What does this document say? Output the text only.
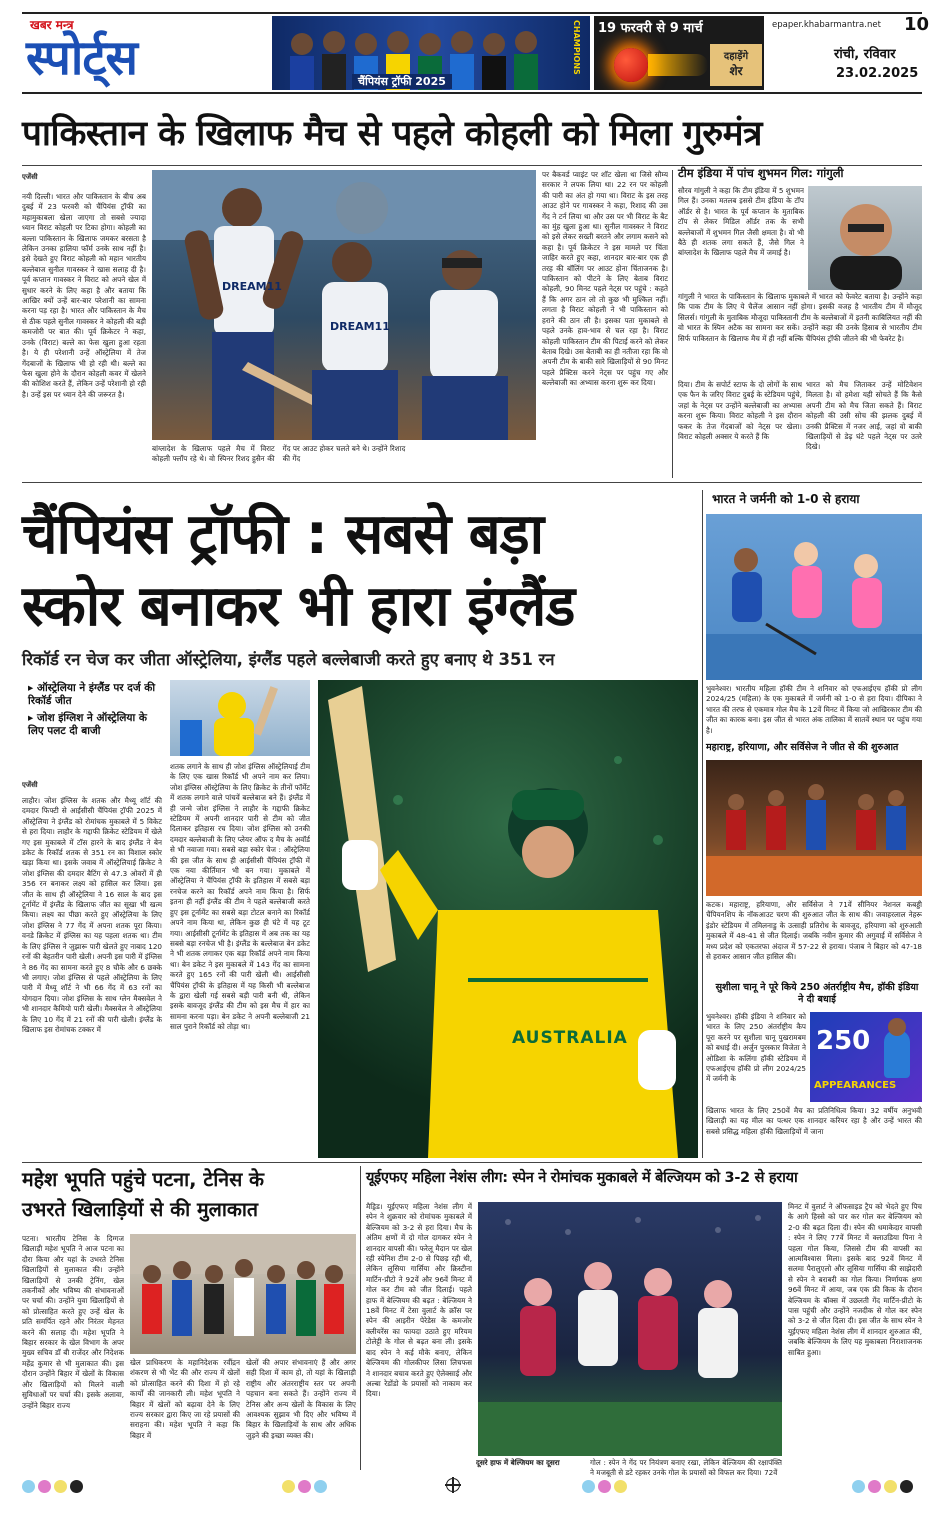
खबर मन्त्र
स्पोर्ट्स	चैंपियंस ट्रॉफी 2025
CHAMPIONS 19 फरवरी से 9 मार्च
दहाड़ेंगे
शेर
epaper.khabarmantra.net 10
रांची, रविवार
23.02.2025
पाकिस्तान के खिलाफ मैच से पहले कोहली को मिला गुरुमंत्र
एजेंसी
नयी दिल्ली। भारत और पाकिस्तान के बीच अब दुबई में 23 फरवरी को चैंपियंस ट्रॉफी का महामुकाबला खेला जाएगा तो सबसे ज्यादा ध्यान विराट कोहली पर टिका होगा। कोहली का बल्ला पाकिस्तान के खिलाफ जमकर बरसता है लेकिन उनका हालिया फॉर्म उनके साथ नहीं है। इसे देखते हुए विराट कोहली को महान भारतीय बल्लेबाज सुनील गावस्कर ने खास सलाह दी है। पूर्व कप्तान गावस्कर ने विराट को अपने खेल में सुधार करने के लिए कहा है और बताया कि आखिर क्यों उन्हें बार-बार परेशानी का सामना करना पड़ रहा है। भारत और पाकिस्तान के मैच से ठीक पहले सुनील गावस्कर ने कोहली की बड़ी कमजोरी पर बात की। पूर्व क्रिकेटर ने कहा, उनके (विराट) बल्ले का फेस खुला हुआ रहता है। ये ही परेशानी उन्हें ऑस्ट्रेलिया में तेज गेंदबाजों के खिलाफ भी हो रही थी। बल्ले का फेस खुला होने के दौरान कोहली कवर में खेलने की कोशिश करते हैं, लेकिन उन्हें परेशानी हो रही है। उन्हें इस पर ध्यान देने की जरूरत है।
DREAM11
DREAM11
बांग्लादेश के खिलाफ पहले मैच में विराट कोहली फ्लॉप रहे थे। वो स्पिनर रिशद हुसैन की गेंद पर आउट होकर चलते बने थे। उन्होंने रिशाद की गेंद
पर बैकवर्ड प्वाइंट पर शॉट खेला था जिसे सौम्य सरकार ने लपक लिया था। 22 रन पर कोहली की पारी का अंत हो गया था। विराट के इस तरह आउट होने पर गावस्कर ने कहा, रिशाद की उस गेंद ने टर्न लिया था और उस पर भी विराट के बैट का मुंह खुला हुआ था। सुनील गावस्कर ने विराट को इसे लेकर सख्ती बरतने और लगाम कसने को कहा है। पूर्व क्रिकेटर ने इस मामले पर चिंता जाहिर करते हुए कहा, शानदार बार-बार एक ही तरह की बॉलिंग पर आउट होना चिंताजनक है। पाकिस्तान को पीटने के लिए बेताब विराट कोहली, 90 मिनट पहले नेट्स पर पहुंचे : कहते हैं कि अगर ठान लो तो कुछ भी मुश्किल नहीं। लगता है विराट कोहली ने भी पाकिस्तान को हराने की ठान ली है। इसका पता मुकाबले से पहले उनके हाव-भाव से चल रहा है। विराट कोहली पाकिस्तान टीम की पिटाई करने को लेकर बेताब दिखे। उस बेताबी का ही नतीजा रहा कि वो अपनी टीम के बाकी सारे खिलाड़ियों से 90 मिनट पहले प्रैक्टिस करने नेट्स पर पहुंच गए और बल्लेबाजी का अभ्यास करना शुरू कर दिया।
टीम इंडिया में पांच शुभमन गिल: गांगुली
सौरव गांगुली ने कहा कि टीम इंडिया में 5 शुभमन गिल हैं। उनका मतलब इससे टीम इंडिया के टॉप ऑर्डर से है। भारत के पूर्व कप्तान के मुताबिक टॉप से लेकर मिडिल ऑर्डर तक के सभी बल्लेबाजों में शुभमन गिल जैसी क्षमता है। वो भी बैठे ही शतक लगा सकते हैं, जैसे गिल ने बांग्लादेश के खिलाफ पहले मैच में जमाई है।
गांगुली ने भारत के पाकिस्तान के खिलाफ मुकाबले में भारत को फेवरेट बताया है। उन्होंने कहा कि पाक टीम के लिए ये चैलेंज आसान नहीं होगा। इसकी वजह है भारतीय टीम में मौजूद सिलर्स। गांगुली के मुताबिक मौजूदा पाकिस्तानी टीम के बल्लेबाजों में इतनी काबिलियत नहीं की वो भारत के स्पिन अटैक का सामना कर सकें। उन्होंने कहा की उनके हिसाब से भारतीय टीम सिर्फ पाकिस्तान के खिलाफ मैच में ही नहीं बल्कि चैंपियंस ट्रॉफी जीतने की भी फेवरेट है।
दिया। टीम के सपोर्ट स्टाफ के दो लोगों के साथ एक फैन के जरिए विराट दुबई के स्टेडियम पहुंचे, जहां के नेट्स पर उन्होंने बल्लेबाजी का अभ्यास करना शुरू किया। विराट कोहली ने इस दौरान फकर के तेज गेंदबाजों को नेट्स पर खेला। विराट कोहली अक्सर ये करते हैं कि
भारत को मैच जिताकर उन्हें मोटिवेशन मिलता है। वो हमेशा यही सोचते हैं कि कैसे अपनी टीम को मैच जिता सकते हैं। विराट कोहली की उसी सोच की झलक दुबई में उनकी प्रैक्टिस में नजर आई, जहां वो बाकी खिलाड़ियों से डेढ़ घंटे पहले नेट्स पर उतरे दिखे।
चैंपियंस ट्रॉफी : सबसे बड़ा
स्कोर बनाकर भी हारा इंग्लैंड
रिकॉर्ड रन चेज कर जीता ऑस्ट्रेलिया, इंग्लैंड पहले बल्लेबाजी करते हुए बनाए थे 351 रन
▸ ऑस्ट्रेलिया ने इंग्लैंड पर दर्ज की रिकॉर्ड जीत
▸ जोश इंग्लिश ने ऑस्ट्रेलिया के लिए पलट दी बाजी
एजेंसी
लाहौर। जोश इंग्लिस के शतक और मैथ्यू शॉर्ट की दमदार फिफ्टी से आईसीसी चैंपियंस ट्रॉफी 2025 में ऑस्ट्रेलिया ने इंग्लैंड को रोमांचक मुकाबले में 5 विकेट से हरा दिया। लाहौर के गद्दाफी क्रिकेट स्टेडियम में खेले गए इस मुकाबले में टॉस हारने के बाद इंग्लैंड ने बेन डकेट के रिकॉर्ड शतक से 351 रन का विशाल स्कोर खड़ा किया था। इसके जवाब में ऑस्ट्रेलियाई क्रिकेट ने जोश इंग्लिस की दमदार बैटिंग से 47.3 ओवरों में ही 356 रन बनाकर लक्ष्य को हासिल कर लिया। इस जीत के साथ ही ऑस्ट्रेलिया ने 16 साल के बाद इस टूर्नामेंट में इंग्लैंड के खिलाफ जीत का सूखा भी खत्म किया। लक्ष्य का पीछा करते हुए ऑस्ट्रेलिया के लिए जोश इंग्लिस ने 77 गेंद में अपना शतक पूरा किया। वनडे क्रिकेट में इंग्लिस का यह पहला शतक था। टीम के लिए इंग्लिस ने जुझारू पारी खेलते हुए नाबाद 120 रनों की बेहतरीन पारी खेली। अपनी इस पारी में इंग्लिस ने 86 गेंद का सामना करते हुए 8 चौके और 6 छक्के भी लगाए। जोश इंग्लिस से पहले ऑस्ट्रेलिया के लिए पारी में मैथ्यू शॉर्ट ने भी 66 गेंद में 63 रनों का योगदान दिया। जोश इंग्लिस के साथ ग्लेन मैक्सवेल ने भी शानदार कैमियो पारी खेली। मैक्सवेल ने ऑस्ट्रेलिया के लिए 10 गेंद में 21 रनों की पारी खेली। इंग्लैंड के खिलाफ इस रोमांचक टक्कर में
शतक लगाने के साथ ही जोश इंग्लिस ऑस्ट्रेलियाई टीम के लिए एक खास रिकॉर्ड भी अपने नाम कर लिया। जोश इंग्लिस ऑस्ट्रेलिया के लिए क्रिकेट के तीनों फॉर्मेट में शतक लगाने वाले पांचवें बल्लेबाज बने हैं। इंग्लैंड में ही जन्मे जोश इंग्लिस ने लाहौर के गद्दाफी क्रिकेट स्टेडियम में अपनी शानदार पारी से टीम को जीत दिलाकर इतिहास रच दिया। जोश इंग्लिस को उनकी दमदार बल्लेबाजी के लिए प्लेयर ऑफ द मैच के अवॉर्ड से भी नवाजा गया। सबसे बड़ा स्कोर चेज : ऑस्ट्रेलिया की इस जीत के साथ ही आईसीसी चैंपियंस ट्रॉफी में एक नया कीर्तिमान भी बन गया। मुकाबले में ऑस्ट्रेलिया ने चैंपियंस ट्रॉफी के इतिहास में सबसे बड़ा रनचेज करने का रिकॉर्ड अपने नाम किया है। सिर्फ इतना ही नहीं इंग्लैंड की टीम ने पहले बल्लेबाजी करते हुए इस टूर्नामेंट का सबसे बड़ा टोटल बनाने का रिकॉर्ड अपने नाम किया था, लेकिन कुछ ही घंटे में यह टूट गया। आईसीसी टूर्नामेंट के इतिहास में अब तक का यह सबसे बड़ा रनचेज भी है। इंग्लैंड के बल्लेबाज बेन डकेट ने भी शतक लगाकर एक बड़ा रिकॉर्ड अपने नाम किया था। बेन डकेट ने इस मुकाबले में 143 गेंद का सामना करते हुए 165 रनों की पारी खेली थी। आईसीसी चैंपियंस ट्रॉफी के इतिहास में यह किसी भी बल्लेबाज के द्वारा खेली गई सबसे बड़ी पारी बनी थी, लेकिन इसके बावजूद इंग्लैंड की टीम को इस मैच में हार का सामना करना पड़ा। बेन डकेट ने अपनी बल्लेबाजी 21 साल पुराने रिकॉर्ड को तोड़ा था।
AUSTRALIA
भारत ने जर्मनी को 1-0 से हराया
भुवनेश्वर। भारतीय महिला हॉकी टीम ने शनिवार को एफआईएच हॉकी प्रो लीग 2024/25 (महिला) के एक मुकाबले में जर्मनी को 1-0 से हरा दिया। दीपिका ने भारत की तरफ से एकमात्र गोल मैच के 12वें मिनट में किया जो आखिरकार टीम की जीत का कारक बना। इस जीत से भारत अंक तालिका में सातवें स्थान पर पहुंच गया है।
महाराष्ट्र, हरियाणा, और सर्विसेज ने जीत से की शुरुआत
कटक। महाराष्ट्र, हरियाणा, और सर्विसेज ने 71वें सीनियर नेशनल कबड्डी चैंपियनशिप के नॉकआउट चरण की शुरुआत जीत के साथ की। जवाहरलाल नेहरू इंडोर स्टेडियम में तमिलनाडु के उत्साही प्रतिरोध के बावजूद, हरियाणा को शुरुआती मुकाबले में 48-41 से जीत दिलाई। जबकि नवीन कुमार की अगुवाई में सर्विसेज ने मध्य प्रदेश को एकतरफा अंदाज में 57-22 से हराया। पंजाब ने बिहार को 47-18 से हराकर आसान जीत हासिल की।
सुशीला चानू ने पूरे किये 250 अंतर्राष्ट्रीय मैच, हॉकी इंडिया ने दी बधाई
भुवनेश्वर। हॉकी इंडिया ने शनिवार को भारत के लिए 250 अंतर्राष्ट्रीय कैप पूरा करने पर सुशीला चानू पुखरामबम को बधाई दी। अर्जुन पुरस्कार विजेता ने ओडिशा के कलिंगा हॉकी स्टेडियम में एफआईएच हॉकी प्रो लीग 2024/25 में जर्मनी के
250
APPEARANCES
खिलाफ भारत के लिए 250वें मैच का प्रतिनिधित्व किया। 32 वर्षीय अनुभवी खिलाड़ी का यह मील का पत्थर एक शानदार करियर रहा है और उन्हें भारत की सबसे प्रसिद्ध महिला हॉकी खिलाड़ियों में जाना
महेश भूपति पहुंचे पटना, टेनिस के
उभरते खिलाड़ियों से की मुलाकात
पटना। भारतीय टेनिस के दिग्गज खिलाड़ी महेश भूपति ने आज पटना का दौरा किया और यहां के उभरते टेनिस खिलाड़ियों से मुलाकात की। उन्होंने खिलाड़ियों से उनकी ट्रेनिंग, खेल तकनीकों और भविष्य की संभावनाओं पर चर्चा की। उन्होंने युवा खिलाड़ियों से को प्रोत्साहित करते हुए उन्हें खेल के प्रति समर्पित रहने और निरंतर मेहनत करने की सलाह दी। महेश भूपति ने बिहार सरकार के खेल विभाग के अपर मुख्य सचिव डॉ बी राजेंदर और निदेशक महेंद्र कुमार से भी मुलाकात की। इस दौरान उन्होंने बिहार में खेलों के विकास और खिलाड़ियों को मिलने वाली सुविधाओं पर चर्चा की। इसके अलावा, उन्होंने बिहार राज्य
खेल प्राधिकरण के महानिदेशक रवींद्रन शंकरण से भी भेंट की और राज्य में खेलों को प्रोत्साहित करने की दिशा में हो रहे कार्यों की जानकारी ली। महेश भूपति ने बिहार में खेलों को बढ़ावा देने के लिए राज्य सरकार द्वारा किए जा रहे प्रयासों की सराहना की। महेश भूपति ने कहा कि बिहार में
खेलों की अपार संभावनाएं हैं और अगर सही दिशा में काम हो, तो यहां के खिलाड़ी राष्ट्रीय और अंतरराष्ट्रीय स्तर पर अपनी पहचान बना सकते हैं। उन्होंने राज्य में टेनिस और अन्य खेलों के विकास के लिए आवश्यक सुझाव भी दिए और भविष्य में बिहार के खिलाड़ियों के साथ और अधिक जुड़ने की इच्छा व्यक्त की।
यूईएफए महिला नेशंस लीग: स्पेन ने रोमांचक मुकाबले में बेल्जियम को 3-2 से हराया
मैड्रिड। यूईएफए महिला नेशंस लीग में स्पेन ने शुक्रवार को रोमांचक मुकाबले में बेल्जियम को 3-2 से हरा दिया। मैच के अंतिम क्षणों में दो गोल दागकर स्पेन ने शानदार वापसी की। फरेलू मैदान पर खेल रही स्पेनिश टीम 2-0 से पिछड़ रही थी, लेकिन लूसिया गार्सिया और क्रिस्टीना मार्टिन-प्रीटो ने 92वें और 96वें मिनट में गोल कर टीम को जीत दिलाई। पहले हाफ में बेल्जियम की बढ़त : बेल्जियम ने 18वें मिनट में टेसा वुलार्ट के क्रॉस पर स्पेन की आइरीन पेरेडेस के कमजोर क्लीयरेंस का फायदा उठाते हुए मरियम टोलेट्टी के गोल से बढ़त बना ली। इसके बाद स्पेन ने कई मौके बनाए, लेकिन बेल्जियम की गोलकीपर लिसा लिचफस ने शानदार बचाव करते हुए ऐलेक्साई और अल्बा रेडोंडो के प्रयासों को नाकाम कर दिया।
दूसरे हाफ में बेल्जियम का दूसरा	गोल : स्पेन ने गेंद पर नियंत्रण बनाए रखा, लेकिन बेल्जियम की रक्षापंक्ति ने मजबूती से डटे रहकर उनके गोल के प्रयासों को विफल कर दिया। 72वें
मिनट में वुलार्ट ने ऑफसाइड ट्रैप को भेदते हुए पिच के आगे हिस्से को पार कर गोल कर बेल्जियम को 2-0 की बढ़त दिला दी। स्पेन की धमाकेदार वापसी : स्पेन ने लिए 77वें मिनट में क्लाउडिया पिना ने पहला गोल किया, जिससे टीम की वापसी का आत्मविश्वास मिला। इसके बाद 92वें मिनट में सलमा पैरालुएलो और लूसिया गार्सिया की साझेदारी से स्पेन ने बराबरी का गोल किया। निर्णायक क्षण 96वें मिनट में आया, जब एक फ्री किक के दौरान बेल्जियम के बॉक्स में उछलती गेंद मार्टिन-प्रीटो के पास पहुंची और उन्होंने नजदीक से गोल कर स्पेन को 3-2 से जीत दिला दी। इस जीत के साथ स्पेन ने यूईएफए महिला नेशंस लीग में शानदार शुरुआत की, जबकि बेल्जियम के लिए यह मुकाबला निराशाजनक साबित हुआ।
